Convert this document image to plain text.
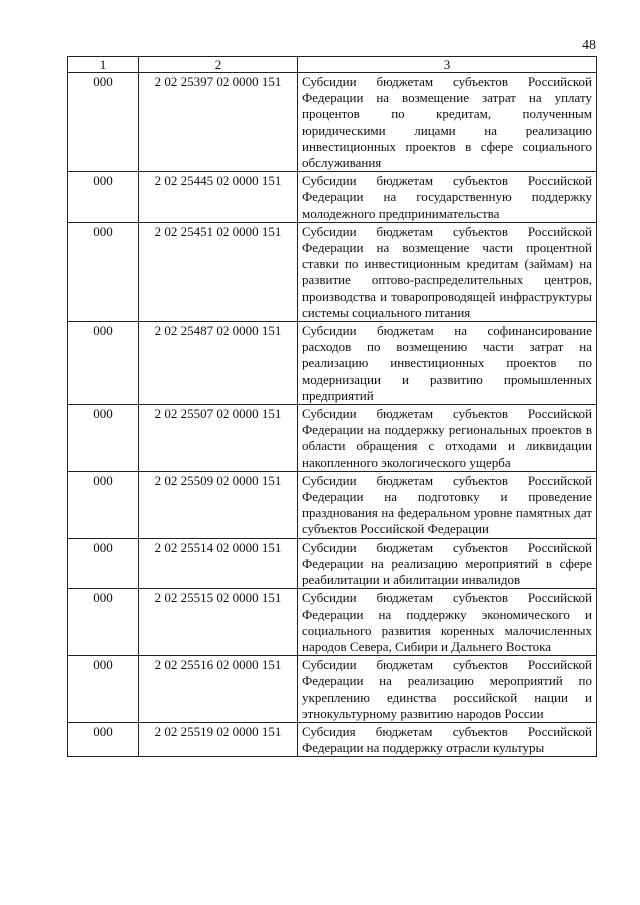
48
1	2	3
000	2 02 25397 02 0000 151	Субсидии бюджетам субъектов Российской Федерации на возмещение затрат на уплату процентов по кредитам, полученным юридическими лицами на реализацию инвестиционных проектов в сфере социального обслуживания
000	2 02 25445 02 0000 151	Субсидии бюджетам субъектов Российской Федерации на государственную поддержку молодежного предпринимательства
000	2 02 25451 02 0000 151	Субсидии бюджетам субъектов Российской Федерации на возмещение части процентной ставки по инвестиционным кредитам (займам) на развитие оптово-распределительных центров, производства и товаропроводящей инфраструктуры системы социального питания
000	2 02 25487 02 0000 151	Субсидии бюджетам на софинансирование расходов по возмещению части затрат на реализацию инвестиционных проектов по модернизации и развитию промышленных предприятий
000	2 02 25507 02 0000 151	Субсидии бюджетам субъектов Российской Федерации на поддержку региональных проектов в области обращения с отходами и ликвидации накопленного экологического ущерба
000	2 02 25509 02 0000 151	Субсидии бюджетам субъектов Российской Федерации на подготовку и проведение празднования на федеральном уровне памятных дат субъектов Российской Федерации
000	2 02 25514 02 0000 151	Субсидии бюджетам субъектов Российской Федерации на реализацию мероприятий в сфере реабилитации и абилитации инвалидов
000	2 02 25515 02 0000 151	Субсидии бюджетам субъектов Российской Федерации на поддержку экономического и социального развития коренных малочисленных народов Севера, Сибири и Дальнего Востока
000	2 02 25516 02 0000 151	Субсидии бюджетам субъектов Российской Федерации на реализацию мероприятий по укреплению единства российской нации и этнокультурному развитию народов России
000	2 02 25519 02 0000 151	Субсидия бюджетам субъектов Российской Федерации на поддержку отрасли культуры
